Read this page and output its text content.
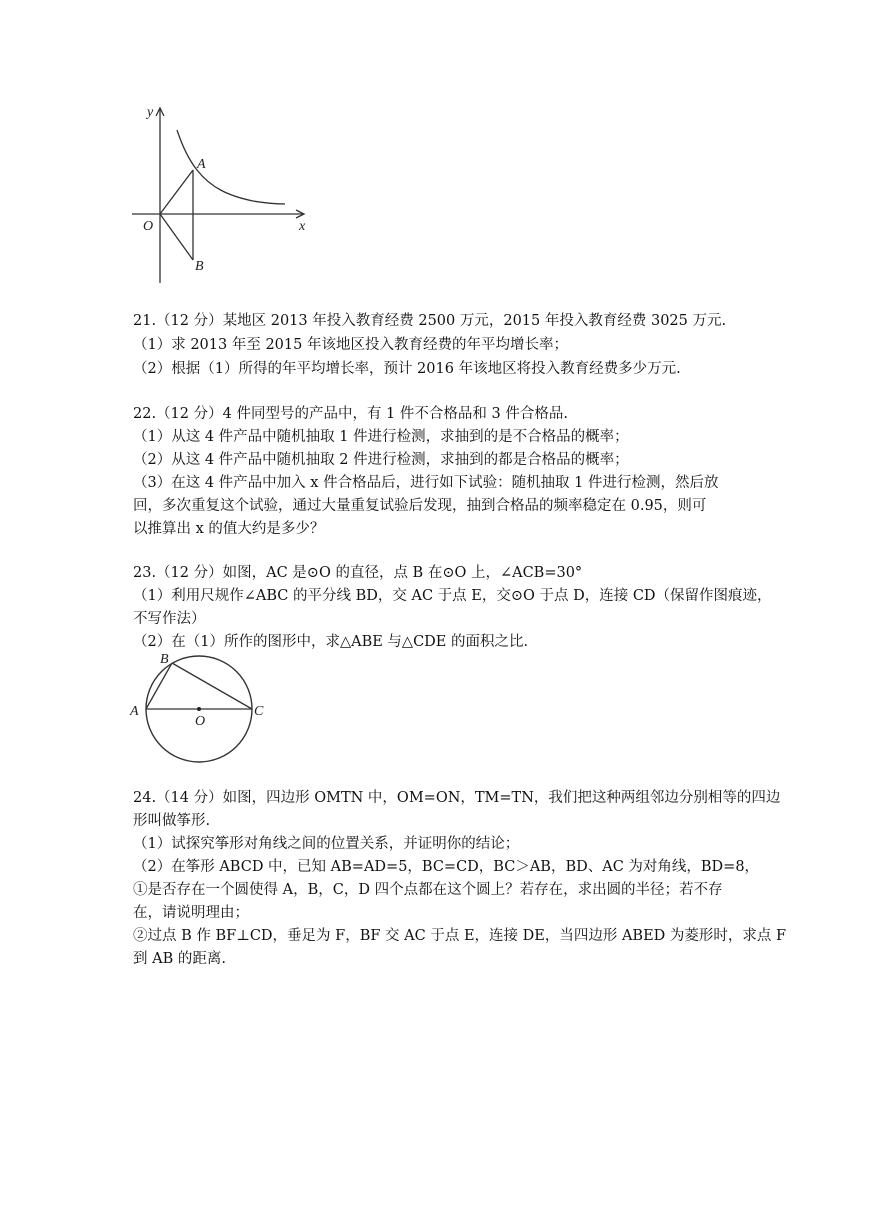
y
x
O
A
B
21.（12 分）某地区 2013 年投入教育经费 2500 万元，2015 年投入教育经费 3025 万元.
（1）求 2013 年至 2015 年该地区投入教育经费的年平均增长率；
（2）根据（1）所得的年平均增长率，预计 2016 年该地区将投入教育经费多少万元.
22.（12 分）4 件同型号的产品中，有 1 件不合格品和 3 件合格品.
（1）从这 4 件产品中随机抽取 1 件进行检测，求抽到的是不合格品的概率；
（2）从这 4 件产品中随机抽取 2 件进行检测，求抽到的都是合格品的概率；
（3）在这 4 件产品中加入 x 件合格品后，进行如下试验：随机抽取 1 件进行检测，然后放
回，多次重复这个试验，通过大量重复试验后发现，抽到合格品的频率稳定在 0.95，则可
以推算出 x 的值大约是多少？
23.（12 分）如图，AC 是⊙O 的直径，点 B 在⊙O 上，∠ACB=30°
（1）利用尺规作∠ABC 的平分线 BD，交 AC 于点 E，交⊙O 于点 D，连接 CD（保留作图痕迹，
不写作法）
（2）在（1）所作的图形中，求△ABE 与△CDE 的面积之比.
A
B
C
O
24.（14 分）如图，四边形 OMTN 中，OM=ON，TM=TN，我们把这种两组邻边分别相等的四边
形叫做筝形.
（1）试探究筝形对角线之间的位置关系，并证明你的结论；
（2）在筝形 ABCD 中，已知 AB=AD=5，BC=CD，BC＞AB，BD、AC 为对角线，BD=8，
①是否存在一个圆使得 A，B，C，D 四个点都在这个圆上？若存在，求出圆的半径；若不存
在，请说明理由；
②过点 B 作 BF⊥CD，垂足为 F，BF 交 AC 于点 E，连接 DE，当四边形 ABED 为菱形时，求点 F
到 AB 的距离.
